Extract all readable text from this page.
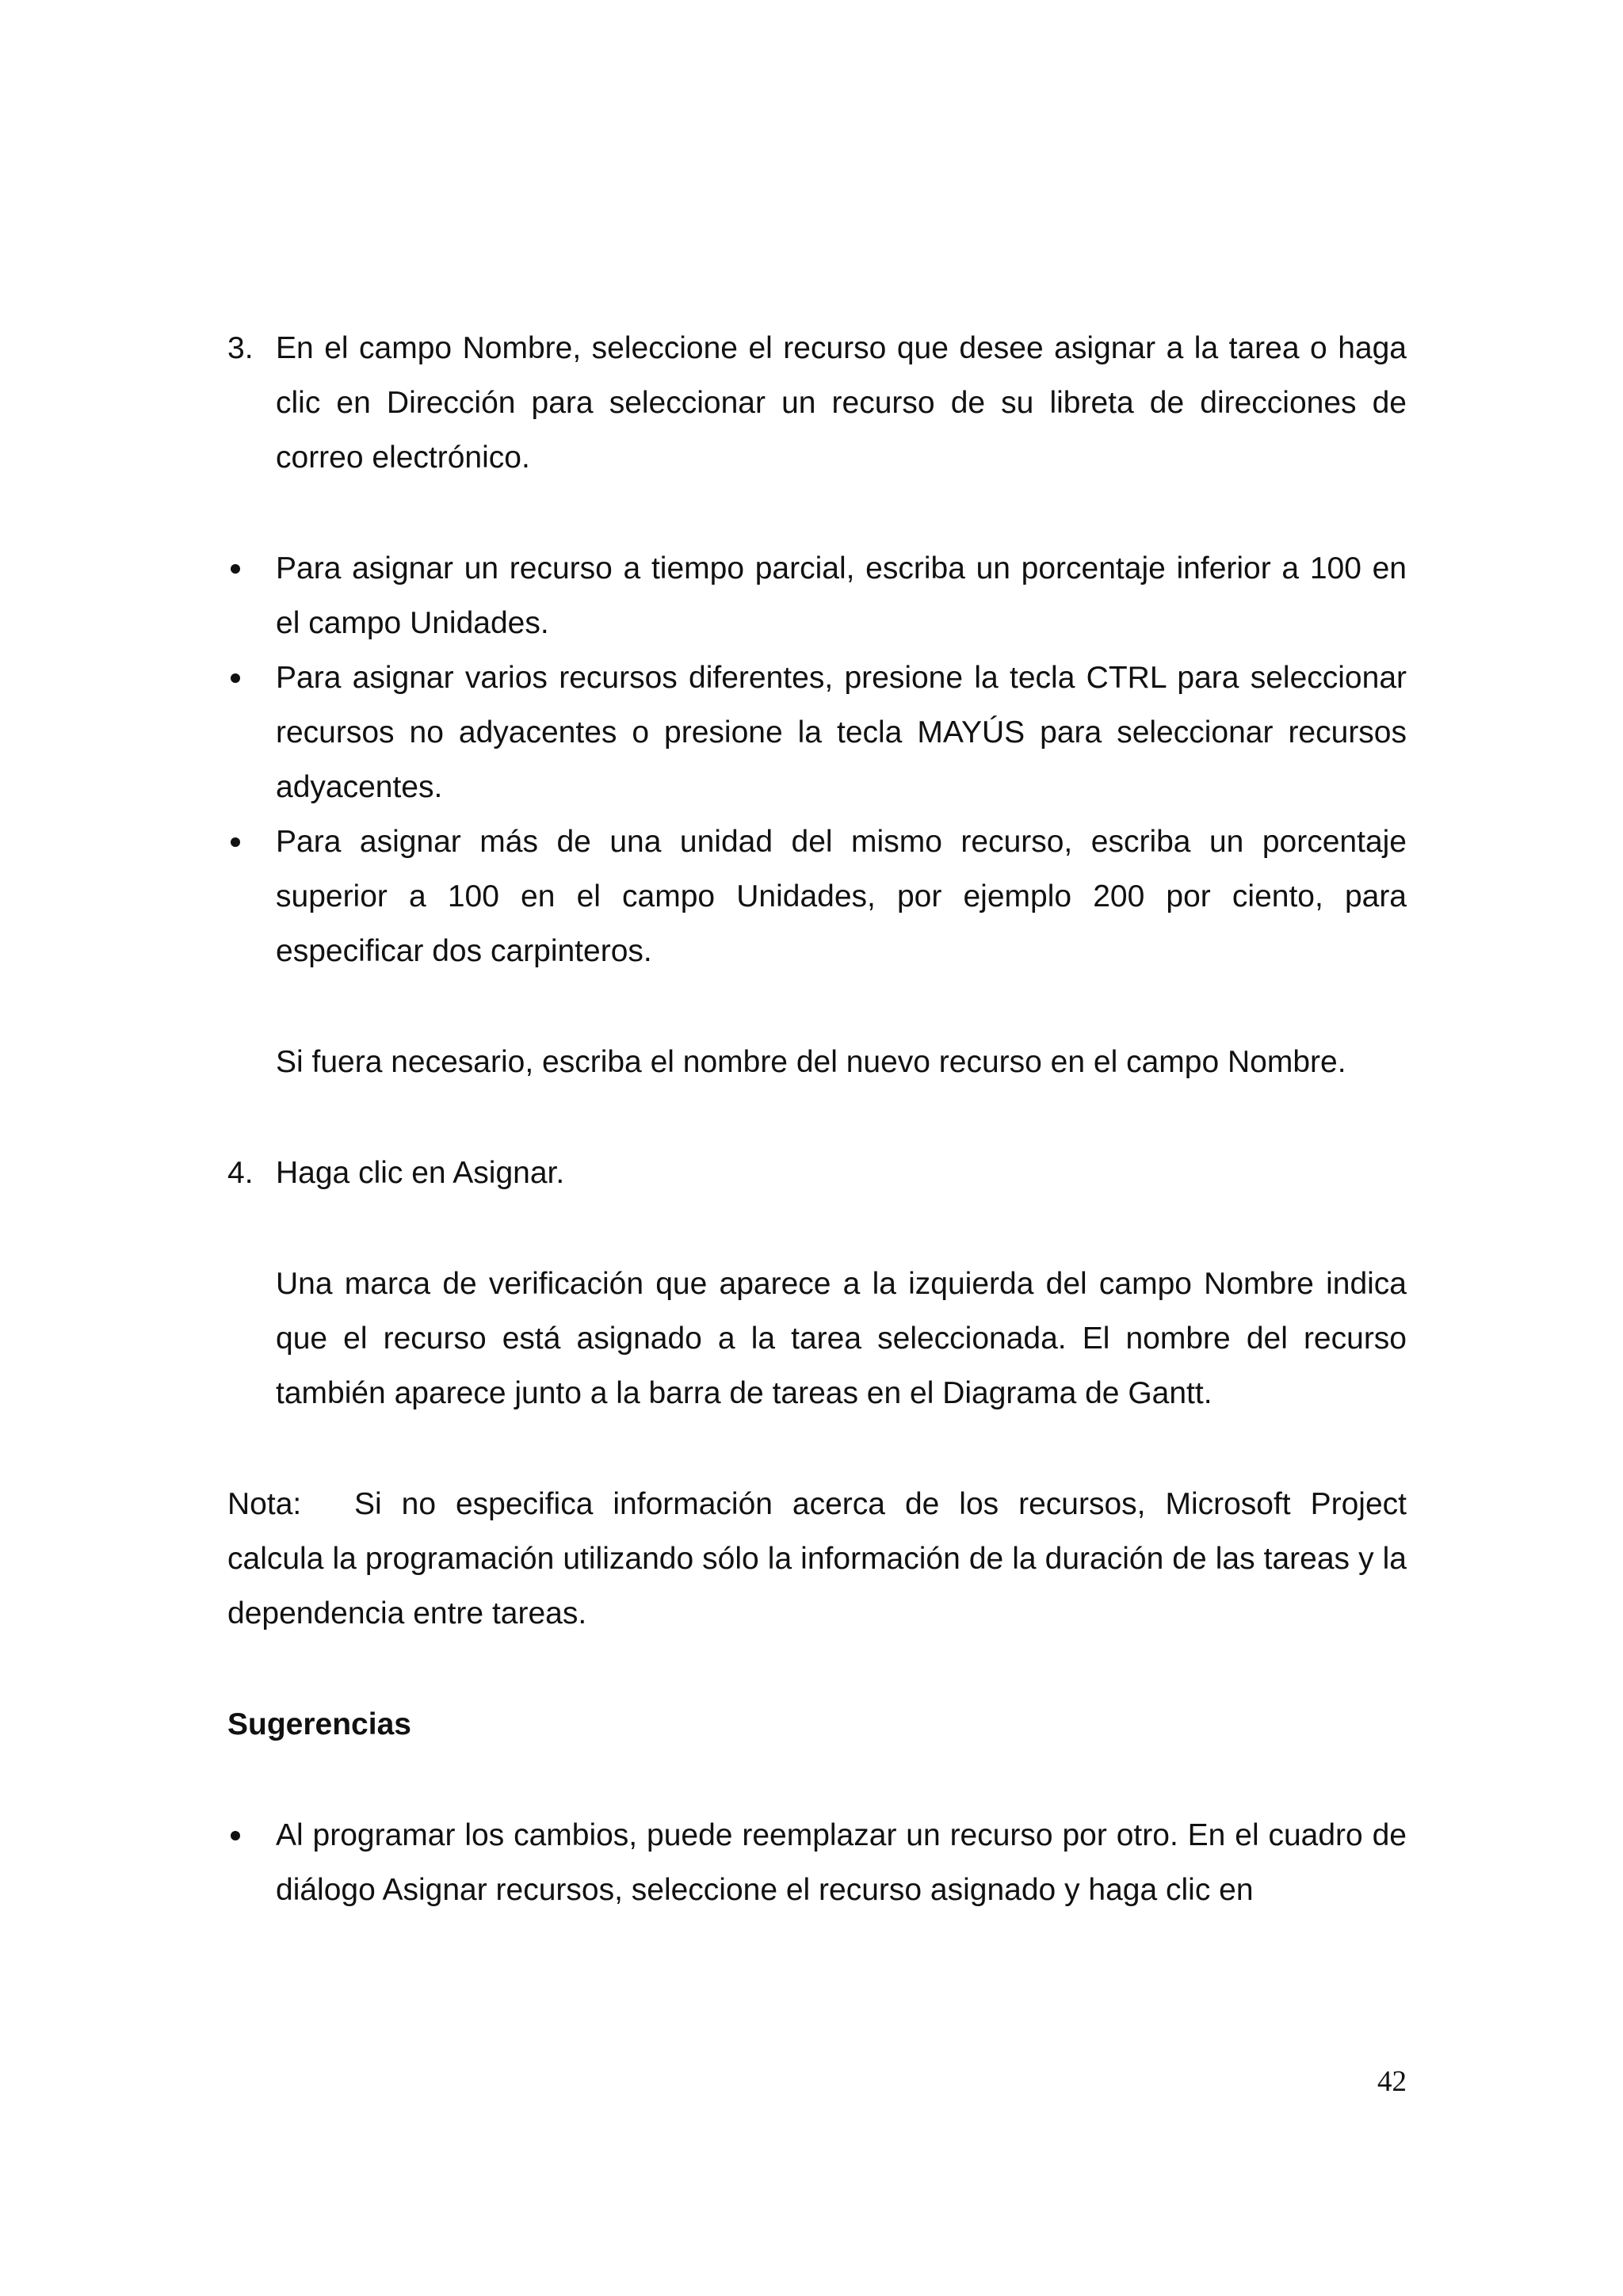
3. En el campo Nombre, seleccione el recurso que desee asignar a la tarea o haga clic en Dirección para seleccionar un recurso de su libreta de direcciones de correo electrónico.
Para asignar un recurso a tiempo parcial, escriba un porcentaje inferior a 100 en el campo Unidades.
Para asignar varios recursos diferentes, presione la tecla CTRL para seleccionar recursos no adyacentes o presione la tecla MAYÚS para seleccionar recursos adyacentes.
Para asignar más de una unidad del mismo recurso, escriba un porcentaje superior a 100 en el campo Unidades, por ejemplo 200 por ciento, para especificar dos carpinteros.
Si fuera necesario, escriba el nombre del nuevo recurso en el campo Nombre.
4. Haga clic en Asignar.
Una marca de verificación que aparece a la izquierda del campo Nombre indica que el recurso está asignado a la tarea seleccionada. El nombre del recurso también aparece junto a la barra de tareas en el Diagrama de Gantt.
Nota: Si no especifica información acerca de los recursos, Microsoft Project calcula la programación utilizando sólo la información de la duración de las tareas y la dependencia entre tareas.
Sugerencias
Al programar los cambios, puede reemplazar un recurso por otro. En el cuadro de diálogo Asignar recursos, seleccione el recurso asignado y haga clic en
42
